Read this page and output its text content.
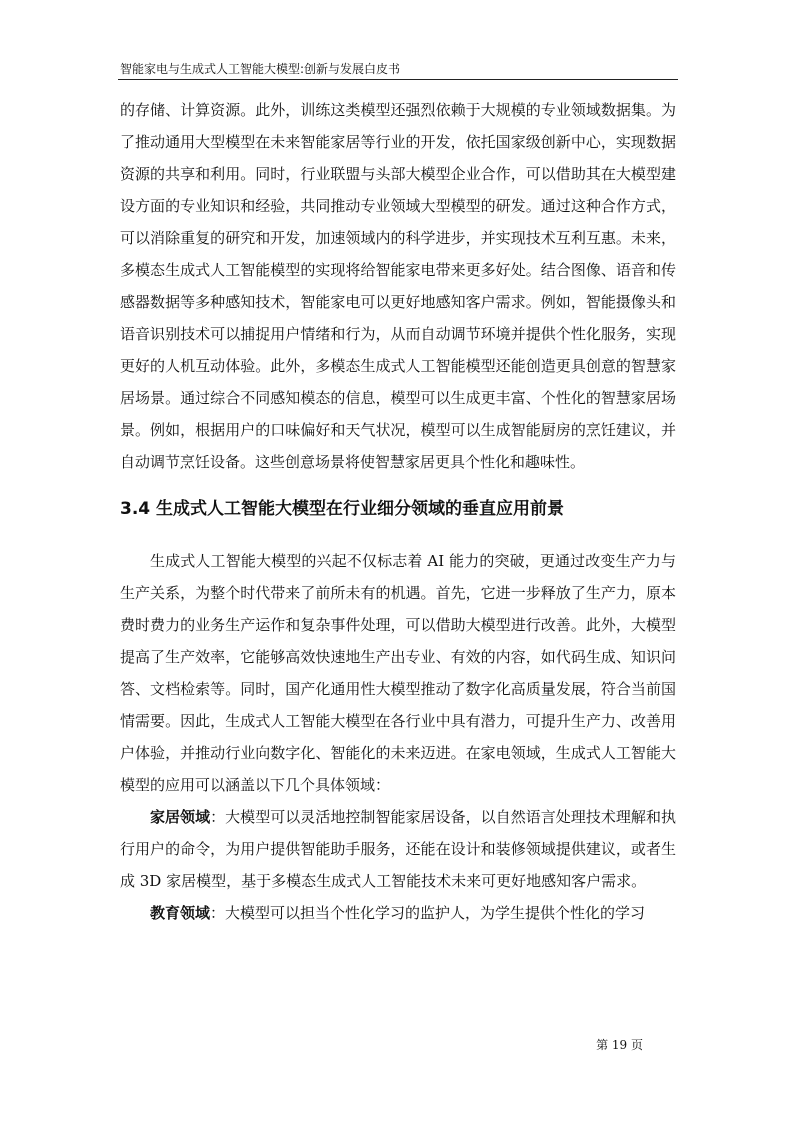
智能家电与生成式人工智能大模型:创新与发展白皮书

的存储、计算资源。此外，训练这类模型还强烈依赖于大规模的专业领域数据集。为了推动通用大型模型在未来智能家居等行业的开发，依托国家级创新中心，实现数据资源的共享和利用。同时，行业联盟与头部大模型企业合作，可以借助其在大模型建设方面的专业知识和经验，共同推动专业领域大型模型的研发。通过这种合作方式，可以消除重复的研究和开发，加速领域内的科学进步，并实现技术互利互惠。未来，多模态生成式人工智能模型的实现将给智能家电带来更多好处。结合图像、语音和传感器数据等多种感知技术，智能家电可以更好地感知客户需求。例如，智能摄像头和语音识别技术可以捕捉用户情绪和行为，从而自动调节环境并提供个性化服务，实现更好的人机互动体验。此外，多模态生成式人工智能模型还能创造更具创意的智慧家居场景。通过综合不同感知模态的信息，模型可以生成更丰富、个性化的智慧家居场景。例如，根据用户的口味偏好和天气状况，模型可以生成智能厨房的烹饪建议，并自动调节烹饪设备。这些创意场景将使智慧家居更具个性化和趣味性。

3.4 生成式人工智能大模型在行业细分领域的垂直应用前景

生成式人工智能大模型的兴起不仅标志着 AI 能力的突破，更通过改变生产力与生产关系，为整个时代带来了前所未有的机遇。首先，它进一步释放了生产力，原本费时费力的业务生产运作和复杂事件处理，可以借助大模型进行改善。此外，大模型提高了生产效率，它能够高效快速地生产出专业、有效的内容，如代码生成、知识问答、文档检索等。同时，国产化通用性大模型推动了数字化高质量发展，符合当前国情需要。因此，生成式人工智能大模型在各行业中具有潜力，可提升生产力、改善用户体验，并推动行业向数字化、智能化的未来迈进。在家电领域，生成式人工智能大模型的应用可以涵盖以下几个具体领域：

家居领域：大模型可以灵活地控制智能家居设备，以自然语言处理技术理解和执行用户的命令，为用户提供智能助手服务，还能在设计和装修领域提供建议，或者生成 3D 家居模型，基于多模态生成式人工智能技术未来可更好地感知客户需求。

教育领域：大模型可以担当个性化学习的监护人，为学生提供个性化的学习

第 19 页
